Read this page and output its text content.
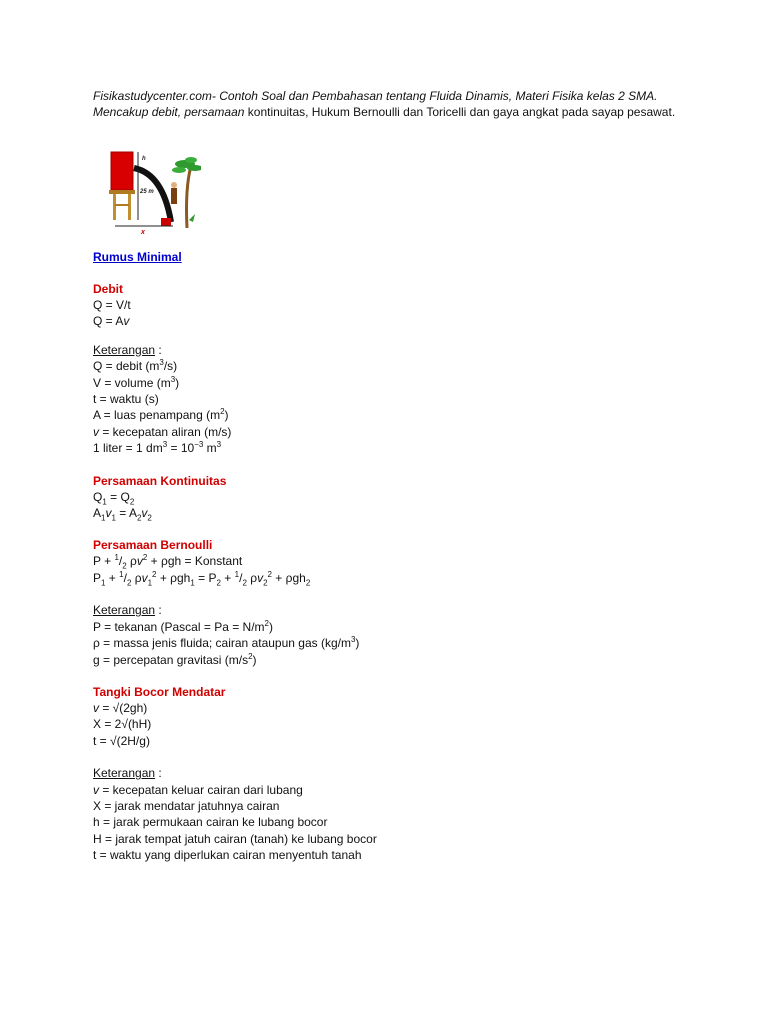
Fisikastudycenter.com- Contoh Soal dan Pembahasan tentang Fluida Dinamis, Materi Fisika kelas 2 SMA. Mencakup debit, persamaan kontinuitas, Hukum Bernoulli dan Toricelli dan gaya angkat pada sayap pesawat.
h
25 m
x
Rumus Minimal
Debit
Q = V/t
Q = Av
Keterangan :
Q = debit $(m^3/s)$
V = volume $(m^3)$
t = waktu (s)
A = luas penampang $(m^2)$
v = kecepatan aliran (m/s)
1 liter = 1 $dm^3 = 10^{-3}$ $m^3$
Persamaan Kontinuitas
$Q_1 = Q_2$
$A_1v_1 = A_2v_2$
Persamaan Bernoulli
$P + ^1/_2$ $\rho v^2 + \rho gh$ = Konstant
$P_1 + ^1/_2$ $\rho v_1^2 + \rho gh_1 = P_2 + ^1/_2$ $\rho v_2^2 + \rho gh_2$
Keterangan :
P = tekanan (Pascal = $Pa = N/m^2$)
ρ = massa jenis fluida; cairan ataupun gas $(kg/m^3)$
g = percepatan gravitasi $(m/s^2)$
Tangki Bocor Mendatar
v = √(2gh)
X = 2√(hH)
t = √(2H/g)
Keterangan :
v = kecepatan keluar cairan dari lubang
X = jarak mendatar jatuhnya cairan
h = jarak permukaan cairan ke lubang bocor
H = jarak tempat jatuh cairan (tanah) ke lubang bocor
t = waktu yang diperlukan cairan menyentuh tanah
